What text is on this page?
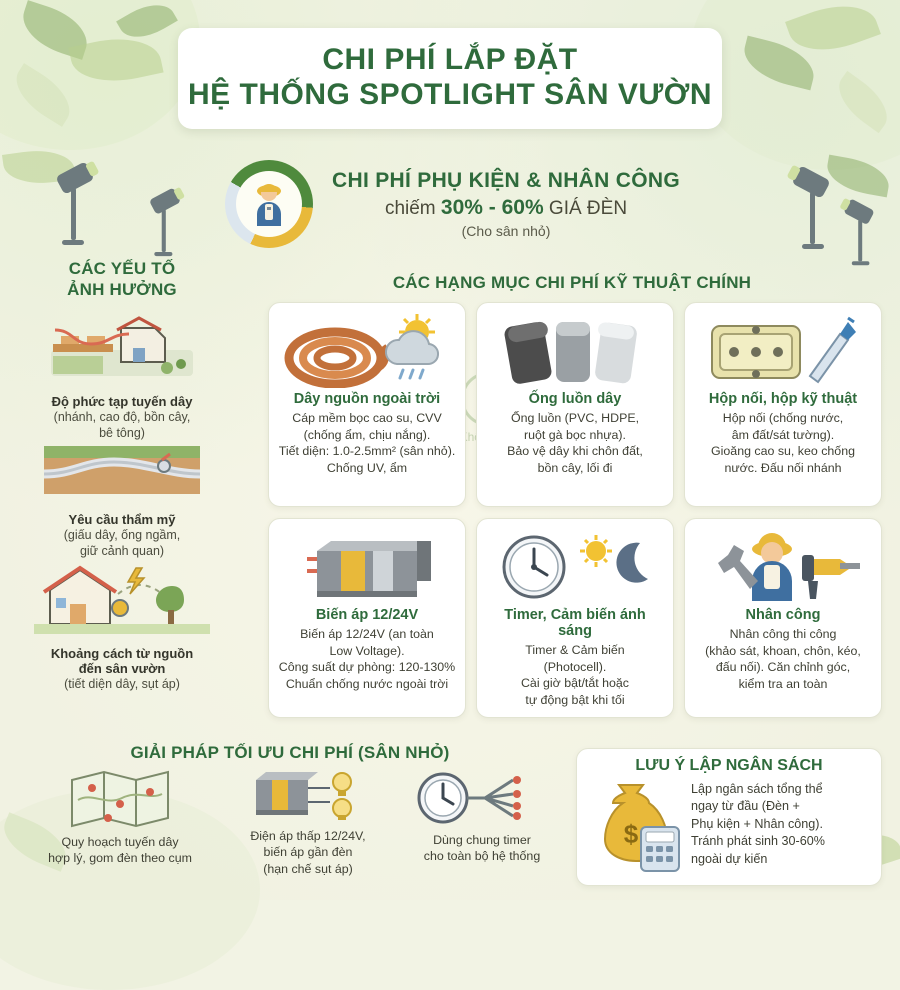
CHI PHÍ LẮP ĐẶT
HỆ THỐNG SPOTLIGHT SÂN VƯỜN
CHI PHÍ PHỤ KIỆN & NHÂN CÔNG
chiếm 30% - 60% GIÁ ĐÈN
(Cho sân nhỏ)
CÁC YẾU TỐ
ẢNH HƯỞNG	CÁC HẠNG MỤC CHI PHÍ KỸ THUẬT CHÍNH
Độ phức tạp tuyến dây
(nhánh, cao độ, bồn cây,
bê tông)
Yêu cầu thẩm mỹ
(giấu dây, ống ngầm,
giữ cảnh quan)
Khoảng cách từ nguồn
đến sân vườn
(tiết diện dây, sụt áp)
Dây nguồn ngoài trời
Cáp mềm bọc cao su, CVV
(chống ẩm, chịu nắng).
Tiết diện: 1.0-2.5mm² (sân nhỏ).
Chống UV, ẩm
Ống luồn dây
Ống luồn (PVC, HDPE,
ruột gà bọc nhựa).
Bảo vệ dây khi chôn đất,
bồn cây, lối đi
Hộp nối, hộp kỹ thuật
Hộp nối (chống nước,
âm đất/sát tường).
Gioăng cao su, keo chống
nước. Đấu nối nhánh
Biến áp 12/24V
Biến áp 12/24V (an toàn
Low Voltage).
Công suất dự phòng: 120-130%
Chuẩn chống nước ngoài trời
Timer, Cảm biến ánh sáng
Timer & Cảm biến
(Photocell).
Cài giờ bật/tắt hoặc
tự động bật khi tối
Nhân công
Nhân công thi công
(khảo sát, khoan, chôn, kéo,
đấu nối). Căn chỉnh góc,
kiểm tra an toàn
GIẢI PHÁP TỐI ƯU CHI PHÍ (SÂN NHỎ)
Quy hoạch tuyến dây
hợp lý, gom đèn theo cụm
Điện áp thấp 12/24V,
biến áp gần đèn
(hạn chế sụt áp)
Dùng chung timer
cho toàn bộ hệ thống
LƯU Ý LẬP NGÂN SÁCH
$
Lập ngân sách tổng thể
ngay từ đầu (Đèn +
Phụ kiện + Nhân công).
Tránh phát sinh 30-60%
ngoài dự kiến
